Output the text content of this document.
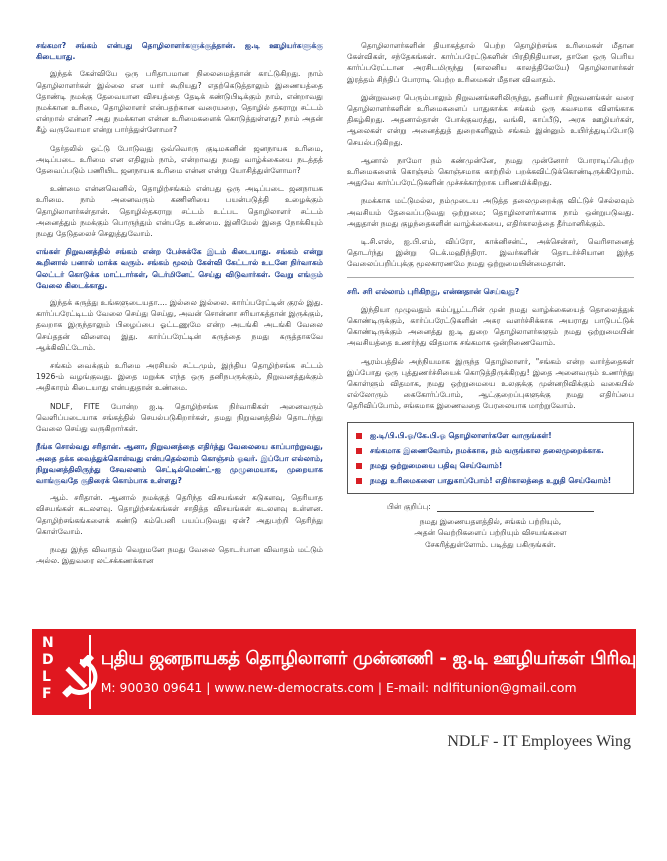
சங்கமா? சங்கம் என்பது தொழிலாளர்களுக்குத்தான். ஐ.டி ஊழியர்களுக்கு கிடையாது.

இந்தக் கேள்வியே ஒரு பரிதாபமான நிலைமைத்தான் காட்டுகிறது. நாம் தொழிலாளர்கள் இல்லை என யார் கூறியது? எதற்கெடுத்தாலும் இணையத்தை தோண்டி நமக்கு தேவையான விசயத்தை தேடிக் கண்டுபிடிக்கும் நாம், என்றாவது நமக்கான உரிமை, தொழிலாளர் என்பதற்கான வரையறை, தொழில் தகராறு சட்டம் என்றால் என்ன? அது நமக்கான என்ன உரிமைகளைக் கொடுத்துள்ளது? நாம் அதன் கீழ் வருவோமா என்று பார்த்துள்ளோமா?

தேர்தலில் ஓட்டு போடுவது ஒவ்வொரு குடிமகனின் ஜனநாயக உரிமை, அடிப்படை உரிமை என எதிலும் நாம், என்றாவது நமது வாழ்க்கையை நடத்தத் தேவைப்படும் பணியிட ஜனநாயக உரிமை என்ன என்று யோசித்துள்ளோமா?

உண்மை என்னவெனில், தொழிற்சங்கம் என்பது ஒரு அடிப்படை ஜனநாயக உரிமை. நாம் அனைவரும் கணினியை பயன்படுத்தி உழைக்கும் தொழிலாளர்கள்தான். தொழில்தகராறு சட்டம் உட்பட தொழிலாளர் சட்டம் அனைத்தும் நமக்கும் பொருந்தும் என்பதே உண்மை. இனிமேல் இதை நோக்கியும் நமது தேடுதலைச் செலுத்துவோம்.

எங்கள் நிறுவனத்தில் சங்கம் என்ற பேச்சுக்கே இடம் கிடையாது. சங்கம் என்று கூறினால் பனால் மாக்க வரும். சங்கம் மூலம் கேள்வி கேட்டால் உடனே நிர்வாகம் லெட்டர் கொடுக்க மாட்டார்கள், டெர்மினேட் செய்து விடுவார்கள். வேறு எங்கும் வேலை கிடைக்காது.

இந்தக் கருத்து உங்களுடையதா.... இல்லை இல்லை. கார்ப்பரேட்டின் குரல் இது. கார்ப்பரேட்டிடம் வேலை செய்து செய்து, அவன் சொன்னா சரியாகத்தான் இருக்கும், தவறாக இருந்தாலும் பிழைப்பை ஓட்டணுமே என்ற அடங்கி அடங்கி வேலை செய்ததன் விளைவு இது. கார்ப்பரேட்டின் கருத்தை நமது கருத்தாகவே ஆக்கிவிட்டோம்.

சங்கம் வைக்கும் உரிமை அரசியல் சட்டமும், இந்திய தொழிற்சங்க சட்டம் 1926-ம் வழங்குவது. இதை மறுக்க எந்த ஒரு தனிநபருக்கும், நிறுவனத்துக்கும் அதிகாரம் கிடையாது என்பதுதான் உண்மை.

NDLF, FITE போன்ற ஐ.டி தொழிற்சங்க நிர்வாகிகள் அனைவரும் வெளிப்படையாக சங்கத்தில் செயல்படுகிறார்கள், தமது நிறுவனத்தில் தொடர்ந்து வேலை செய்து வருகிறார்கள்.

நீங்க சொல்வது சரிதான். ஆனா, நிறுவனத்தை எதிர்த்து வேலையை காப்பாற்றுவது, அதை தக்க வைத்துக்கொள்வது என்பதெல்லாம் கொஞ்சம் ஓவர். இப்போ எல்லாம், நிறுவனத்திலிருந்து சேவலனம் செட்டில்மெண்ட்-ஐ முழுமையாக, முறையாக வாங்குவதே குதிரைக் கொம்பாக உள்ளது?

ஆம். சரிதான். ஆனால் நமக்குத் தெரிந்த விசயங்கள் கடுகளவு, தெரியாத விசயங்கள் கடலளவு. தொழிற்சங்கங்கள் சாதித்த விசயங்கள் கடலளவு உள்ளன. தொழிற்சங்கங்களைக் கண்டு கம்பெனி பயப்படுவது ஏன்? அதுபற்றி தெரிந்து கொள்வோம்.

நமது இந்த விவாதம் வெறுமனே நமது வேலை தொடர்பான விவாதம் மட்டும் அல்ல. இதுவரை லட்சக்கணக்கான

தொழிலாளர்களின் தியாகத்தால் பெற்ற தொழிற்சங்க உரிமைகள் மீதான கேள்விகள், சந்தேகங்கள். கார்ப்பரேட்டுகளின் பிரதிநிதியான, தானே ஒரு பெரிய கார்ப்பரேட்டான அரசிடமிருந்து (காலனிய காலத்திலேயே) தொழிலாளர்கள் இரத்தம் சிந்திப் போராடி பெற்ற உரிமைகள் மீதான விவாதம்.

இன்றுவரை பெரும்பாலும் நிறுவனங்களிலிருந்து, தனியார் நிறுவனங்கள் வரை தொழிலாளர்களின் உரிமைகளைப் பாதுகாக்க சங்கம் ஒரு கவசமாக விளங்காக திகழ்கிறது. அதனால்தான் போக்குவரத்து, வங்கி, காப்பீடு, அரசு ஊழியர்கள், ஆலைகள் என்று அனைத்துத் துறைகளிலும் சங்கம் இன்னும் உயிர்த்துடிப்போடு செயல்படுகிறது.

ஆனால் நாமோ நம் கண்முன்னே, நமது முன்னோர் போராடிப்பெற்ற உரிமைகளைக் கொஞ்சம் கொஞ்சமாக காற்றில் பறக்கவிட்டுக்கொண்டிருக்கிறோம். அதுவே கார்ப்பரேட்டுகளின் முச்சக்காற்றாக பரிணமிக்கிறது.

நமக்காக மட்டுமல்ல, நம்முடைய அடுத்த தலைமுறைக்கு விட்டுச் செல்லவும் அவசியம் தேவைப்படுவது ஒற்றுமை; தொழிலாளர்களாக நாம் ஒன்றுபடுவது. அதுதான் நமது குழந்தைகளின் வாழ்க்கையை, எதிர்காலத்தை தீர்மானிக்கும்.

டி.சி.எஸ், ஐ.பி.எம், விப்ரோ, காக்னிசன்ட், அக்சென்சர், வெரிசானைத் தொடர்ந்து இன்று டெக்.மஹிந்திரா. இவர்களின் தொடர்ச்சியான இந்த வேலைப்பறிப்புக்கு மூலகாரணமே நமது ஒற்றுமையின்மைதான்.

சரி. சரி எல்லாம் புரிகிறது, என்னதான் செய்வது?

இந்தியா முழுவதும் கம்ப்யூட்டரின் முன் நமது வாழ்க்கையைத் தொலைத்துக் கொண்டிருக்கும், கார்ப்பரேட்டுகளின் அசுர வளர்ச்சிக்காக அயராது பாடுபட்டுக் கொண்டிருக்கும் அனைத்து ஐ.டி துறை தொழிலாளர்களும் நமது ஒற்றுமையின் அவசியத்தை உணர்ந்து விதமாக சங்கமாக ஒன்றிணைவோம்.

ஆரம்பத்தில் அந்நியமாக இருந்த தொழிலாளர், "சங்கம் என்ற வார்த்தைகள் இப்போது ஒரு புத்துணர்ச்சியைக் கொடுத்திருக்கிறது! இதை அனைவரும் உணர்ந்து கொள்ளும் விதமாக, நமது ஒற்றுமையை உலகுக்கு முன்னறிவிக்கும் வகையில் எல்லோரும் கைகோர்ப்போம், ஆட்குறைப்புகளுக்கு நமது எதிர்ப்பை தெரிவிப்போம், சங்கமாக இணைவதை பேரலையாக மாற்றுவோம்.

ஐ.டி/பி.பி.ஓ/கே.பி.ஓ தொழிலாளர்களே வாருங்கள்!
சங்கமாக இணைவோம், நமக்காக, நம் வருங்கால தலைமுறைக்காக.
நமது ஒற்றுமையை பதிவு செய்வோம்!
நமது உரிமைகளை பாதுகாப்போம்! எதிர்காலத்தை உறுதி செய்வோம்!
பின் குறிப்பு:
நமது இணையதளத்தில், சங்கம் பற்றியும்,
அதன் வெற்றிகளைப் பற்றியும் விசயங்களை
சேகரித்துள்ளோம். படித்து பகிருங்கள்.
N
D
L
F
புதிய ஜனநாயகத் தொழிலாளர் முன்னணி - ஐ.டி ஊழியர்கள் பிரிவு
M: 90030 09641 | www.new-democrats.com | E-mail: ndlfitunion@gmail.com
NDLF - IT Employees Wing
